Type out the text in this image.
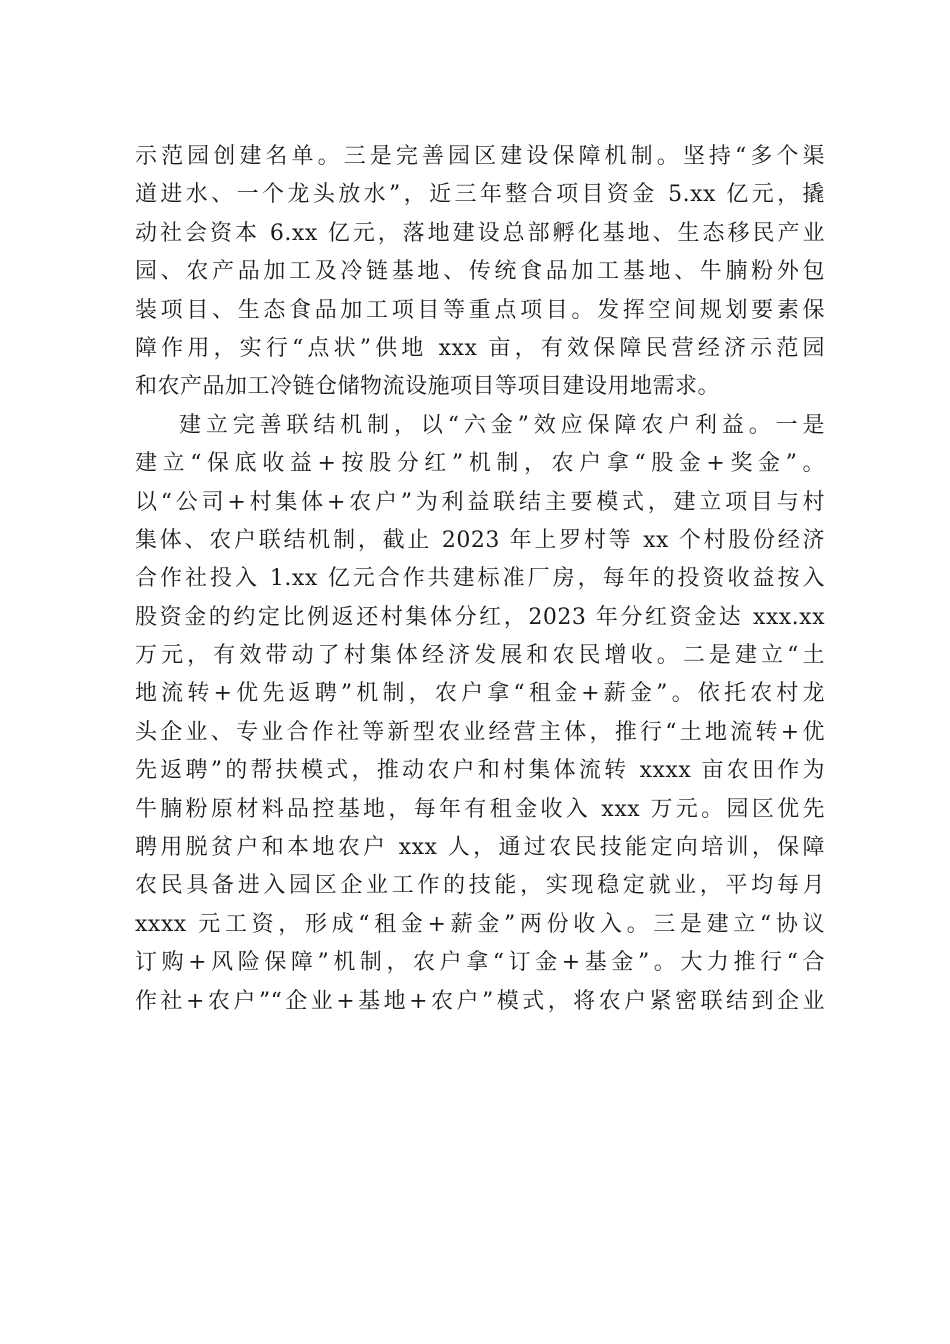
示范园创建名单。三是完善园区建设保障机制。坚持“多个渠
道进水、一个龙头放水”，近三年整合项目资金 5.xx 亿元，撬
动社会资本 6.xx 亿元，落地建设总部孵化基地、生态移民产业
园、农产品加工及冷链基地、传统食品加工基地、牛腩粉外包
装项目、生态食品加工项目等重点项目。发挥空间规划要素保
障作用，实行“点状”供地 xxx 亩，有效保障民营经济示范园
和农产品加工冷链仓储物流设施项目等项目建设用地需求。
建立完善联结机制，以“六金”效应保障农户利益。一是
建立“保底收益+按股分红”机制，农户拿“股金+奖金”。
以“公司+村集体+农户”为利益联结主要模式，建立项目与村
集体、农户联结机制，截止 2023 年上罗村等 xx 个村股份经济
合作社投入 1.xx 亿元合作共建标准厂房，每年的投资收益按入
股资金的约定比例返还村集体分红，2023 年分红资金达 xxx.xx
万元，有效带动了村集体经济发展和农民增收。二是建立“土
地流转+优先返聘”机制，农户拿“租金+薪金”。依托农村龙
头企业、专业合作社等新型农业经营主体，推行“土地流转+优
先返聘”的帮扶模式，推动农户和村集体流转 xxxx 亩农田作为
牛腩粉原材料品控基地，每年有租金收入 xxx 万元。园区优先
聘用脱贫户和本地农户 xxx 人，通过农民技能定向培训，保障
农民具备进入园区企业工作的技能，实现稳定就业，平均每月
xxxx 元工资，形成“租金+薪金”两份收入。三是建立“协议
订购+风险保障”机制，农户拿“订金+基金”。大力推行“合
作社+农户”“企业+基地+农户”模式，将农户紧密联结到企业
